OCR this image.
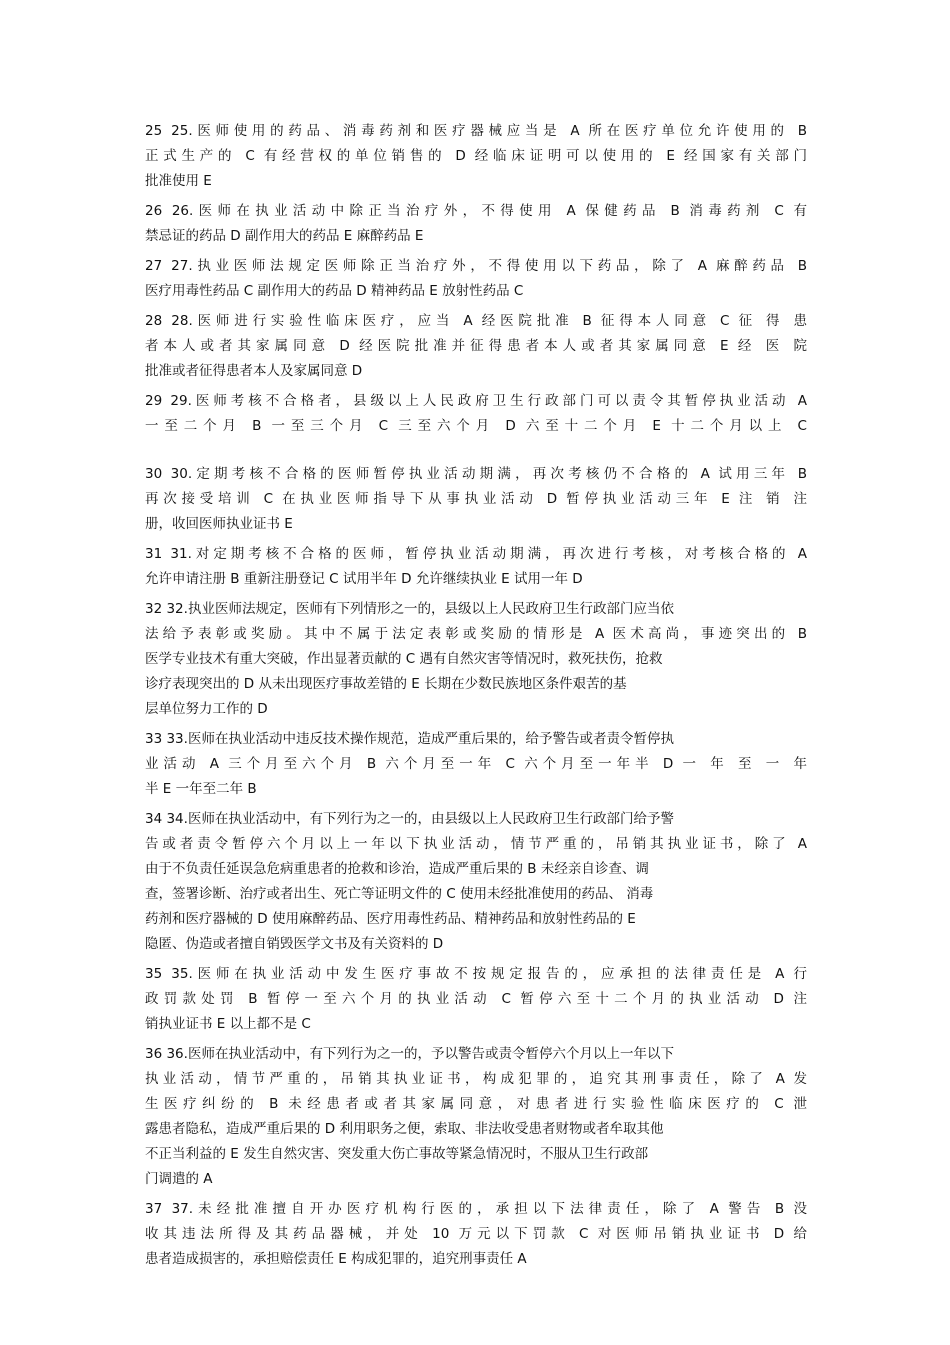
25 25.医师使用的药品、消毒药剂和医疗器械应当是 A 所在医疗单位允许使用的 B
正式生产的 C 有经营权的单位销售的 D 经临床证明可以使用的 E 经国家有关部门
批准使用 E
26 26.医师在执业活动中除正当治疗外，不得使用 A 保健药品 B 消毒药剂 C 有
禁忌证的药品 D 副作用大的药品 E 麻醉药品 E
27 27.执业医师法规定医师除正当治疗外，不得使用以下药品，除了 A 麻醉药品 B
医疗用毒性药品 C 副作用大的药品 D 精神药品 E 放射性药品 C
28 28.医师进行实验性临床医疗，应当 A 经医院批准 B 征得本人同意 C 征 得 患
者本人或者其家属同意 D 经医院批准并征得患者本人或者其家属同意 E 经 医 院
批准或者征得患者本人及家属同意 D
29 29.医师考核不合格者，县级以上人民政府卫生行政部门可以责令其暂停执业活动 A
一至二个月 B 一至三个月 C 三至六个月 D 六至十二个月 E 十二个月以上 C
30 30.定期考核不合格的医师暂停执业活动期满，再次考核仍不合格的 A 试用三年 B
再次接受培训 C 在执业医师指导下从事执业活动 D 暂停执业活动三年 E 注 销 注
册，收回医师执业证书 E
31 31.对定期考核不合格的医师，暂停执业活动期满，再次进行考核，对考核合格的 A
允许申请注册 B 重新注册登记 C 试用半年 D 允许继续执业 E 试用一年 D
32 32.执业医师法规定，医师有下列情形之一的，县级以上人民政府卫生行政部门应当依
法给予表彰或奖励。其中不属于法定表彰或奖励的情形是 A 医术高尚，事迹突出的 B
医学专业技术有重大突破，作出显著贡献的 C 遇有自然灾害等情况时，救死扶伤，抢救
诊疗表现突出的 D 从未出现医疗事故差错的 E 长期在少数民族地区条件艰苦的基
层单位努力工作的 D
33 33.医师在执业活动中违反技术操作规范，造成严重后果的，给予警告或者责令暂停执
业活动 A 三个月至六个月 B 六个月至一年 C 六个月至一年半 D 一 年 至 一 年
半 E 一年至二年 B
34 34.医师在执业活动中，有下列行为之一的，由县级以上人民政府卫生行政部门给予警
告或者责令暂停六个月以上一年以下执业活动，情节严重的，吊销其执业证书，除了 A
由于不负责任延误急危病重患者的抢救和诊治，造成严重后果的 B 未经亲自诊查、调
查，签署诊断、治疗或者出生、死亡等证明文件的 C 使用未经批准使用的药品、 消毒
药剂和医疗器械的 D 使用麻醉药品、医疗用毒性药品、精神药品和放射性药品的 E
隐匿、伪造或者擅自销毁医学文书及有关资料的 D
35 35.医师在执业活动中发生医疗事故不按规定报告的，应承担的法律责任是 A 行
政罚款处罚 B 暂停一至六个月的执业活动 C 暂停六至十二个月的执业活动 D 注
销执业证书 E 以上都不是 C
36 36.医师在执业活动中，有下列行为之一的，予以警告或责令暂停六个月以上一年以下
执业活动，情节严重的，吊销其执业证书，构成犯罪的，追究其刑事责任，除了 A 发
生医疗纠纷的 B 未经患者或者其家属同意，对患者进行实验性临床医疗的 C 泄
露患者隐私，造成严重后果的 D 利用职务之便，索取、非法收受患者财物或者牟取其他
不正当利益的 E 发生自然灾害、突发重大伤亡事故等紧急情况时，不服从卫生行政部
门调遣的 A
37 37.未经批准擅自开办医疗机构行医的，承担以下法律责任，除了 A 警告 B 没
收其违法所得及其药品器械，并处 10 万元以下罚款 C 对医师吊销执业证书 D 给
患者造成损害的，承担赔偿责任 E 构成犯罪的，追究刑事责任 A
